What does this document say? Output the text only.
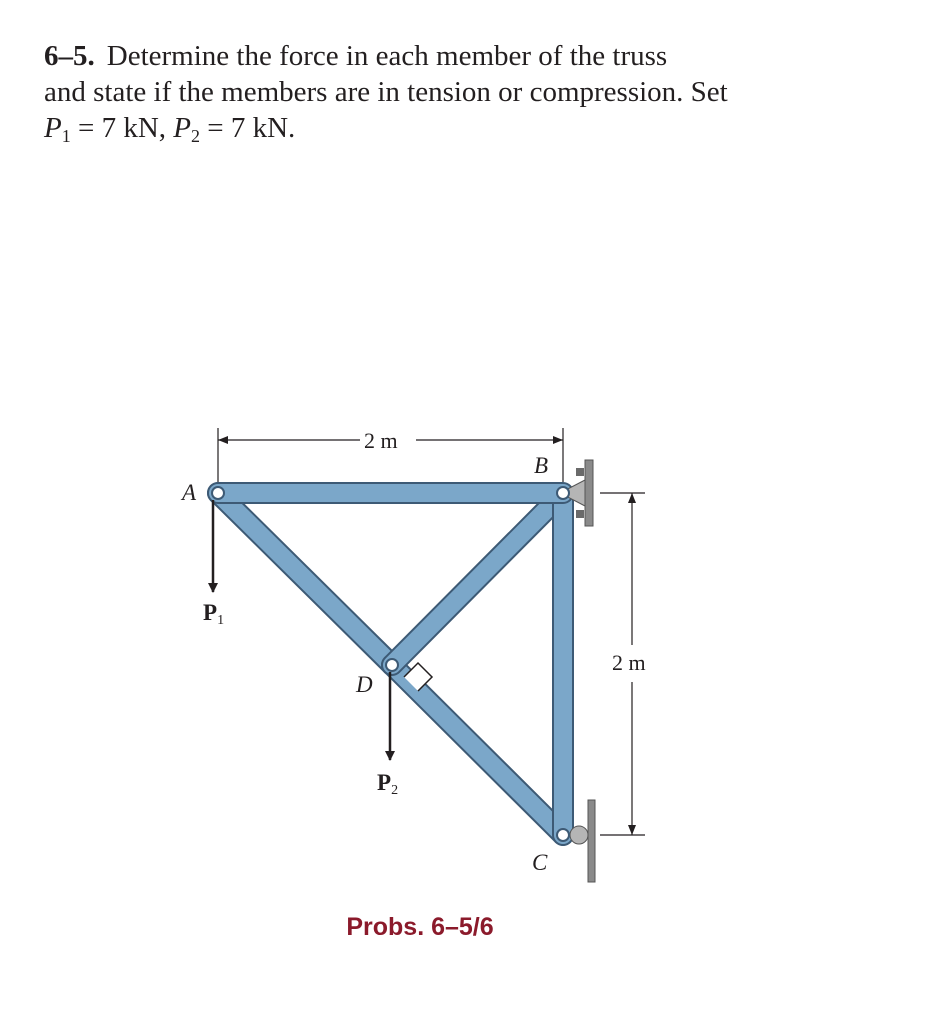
6–5. Determine the force in each member of the truss

and state if the members are in tension or compression. Set

$P_1 = 7$ kN, $P_2 = 7$ kN.

A
B
C
D
2 m
2 m
P1
P2
Probs. 6–5/6
